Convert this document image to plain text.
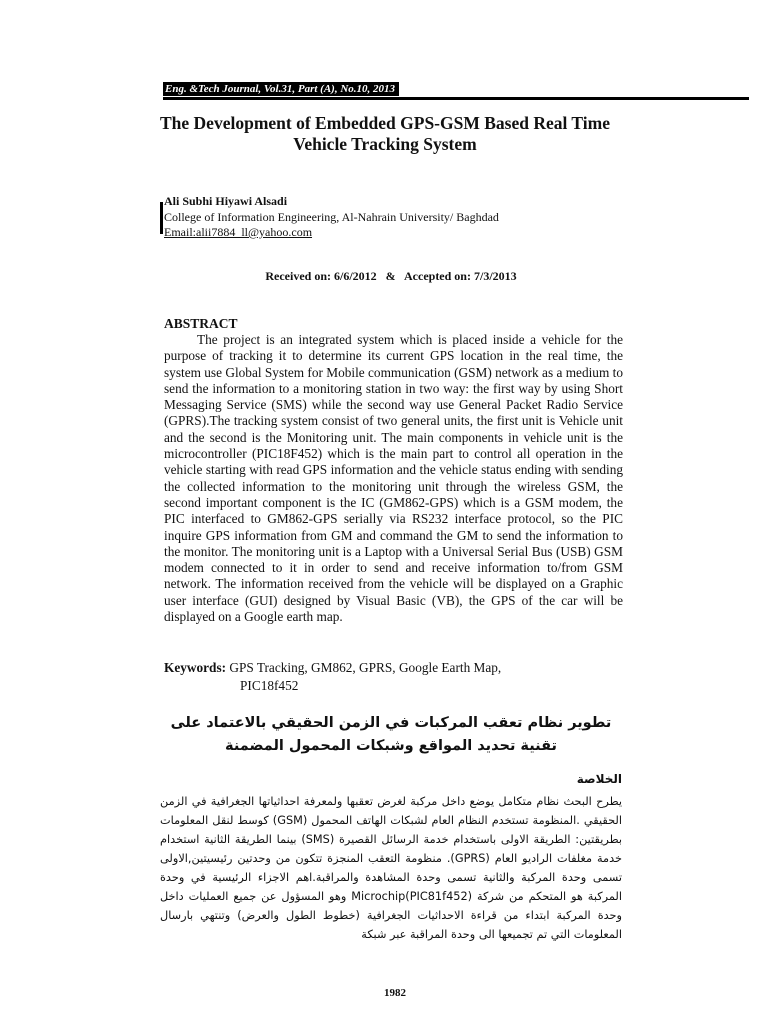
Eng. &Tech Journal, Vol.31, Part (A), No.10, 2013
The Development of Embedded GPS-GSM Based Real Time Vehicle Tracking System
Ali Subhi Hiyawi Alsadi
College of Information Engineering, Al-Nahrain University/ Baghdad
Email:alii7884_ll@yahoo.com
Received on: 6/6/2012   &   Accepted on: 7/3/2013
ABSTRACT
The project is an integrated system which is placed inside a vehicle for the purpose of tracking it to determine its current GPS location in the real time, the system use Global System for Mobile communication (GSM) network as a medium to send the information to a monitoring station in two way: the first way by using Short Messaging Service (SMS) while the second way use General Packet Radio Service (GPRS).The tracking system consist of two general units, the first unit is Vehicle unit and the second is the Monitoring unit. The main components in vehicle unit is the microcontroller (PIC18F452) which is the main part to control all operation in the vehicle starting with read GPS information and the vehicle status ending with sending the collected information to the monitoring unit through the wireless GSM, the second important component is the IC (GM862-GPS) which is a GSM modem, the PIC interfaced to GM862-GPS serially via RS232 interface protocol, so the PIC inquire GPS information from GM and command the GM to send the information to the monitor. The monitoring unit is a Laptop with a Universal Serial Bus (USB) GSM modem connected to it in order to send and receive information to/from GSM network. The information received from the vehicle will be displayed on a Graphic user interface (GUI) designed by Visual Basic (VB), the GPS of the car will be displayed on a Google earth map.
Keywords: GPS Tracking, GM862, GPRS, Google Earth Map,
PIC18f452
تطوير نظام تعقب المركبات في الزمن الحقيقي بالاعتماد على تقنية تحديد المواقع وشبكات المحمول المضمنة
الخلاصة
يطرح البحث نظام متكامل يوضع داخل مركبة لغرض تعقبها ولمعرفة احداثياتها الجغرافية في الزمن الحقيقي .المنظومة تستخدم النظام العام لشبكات الهاتف المحمول (GSM) كوسط لنقل المعلومات بطريقتين: الطريقة الاولى باستخدام خدمة الرسائل القصيرة (SMS) بينما الطريقة الثانية استخدام خدمة مغلفات الراديو العام (GPRS). منظومة التعقب المنجزة تتكون من وحدتين رئيسيتين,الاولى تسمى وحدة المركبة والثانية تسمى وحدة المشاهدة والمراقبة.اهم الاجزاء الرئيسية في وحدة المركبة هو المتحكم من شركة Microchip(PIC81f452) وهو المسؤول عن جميع العمليات داخل وحدة المركبة ابتداء من قراءة الاحداثيات الجغرافية (خطوط الطول والعرض) وتنتهي بارسال المعلومات التي تم تجميعها الى وحدة المراقبة عبر شبكة
1982
